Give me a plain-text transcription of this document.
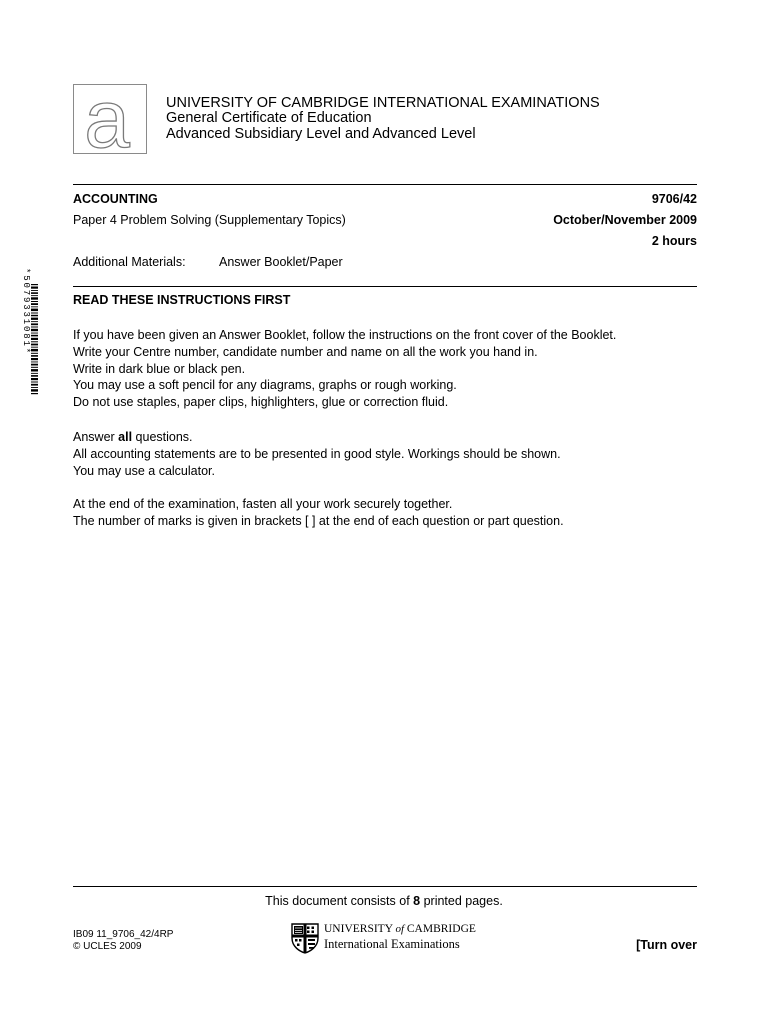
a UNIVERSITY OF CAMBRIDGE INTERNATIONAL EXAMINATIONS
General Certificate of Education
Advanced Subsidiary Level and Advanced Level
ACCOUNTING	9706/42
Paper 4 Problem Solving (Supplementary Topics)	October/November 2009
2 hours
Additional Materials:	Answer Booklet/Paper
*5079331081*	READ THESE INSTRUCTIONS FIRST
If you have been given an Answer Booklet, follow the instructions on the front cover of the Booklet.
Write your Centre number, candidate number and name on all the work you hand in.
Write in dark blue or black pen.
You may use a soft pencil for any diagrams, graphs or rough working.
Do not use staples, paper clips, highlighters, glue or correction fluid.
Answer all questions.
All accounting statements are to be presented in good style. Workings should be shown.
You may use a calculator.
At the end of the examination, fasten all your work securely together.
The number of marks is given in brackets [ ] at the end of each question or part question.
This document consists of 8 printed pages.
IB09 11_9706_42/4RP
© UCLES 2009
UNIVERSITY of CAMBRIDGE
International Examinations	[Turn over
